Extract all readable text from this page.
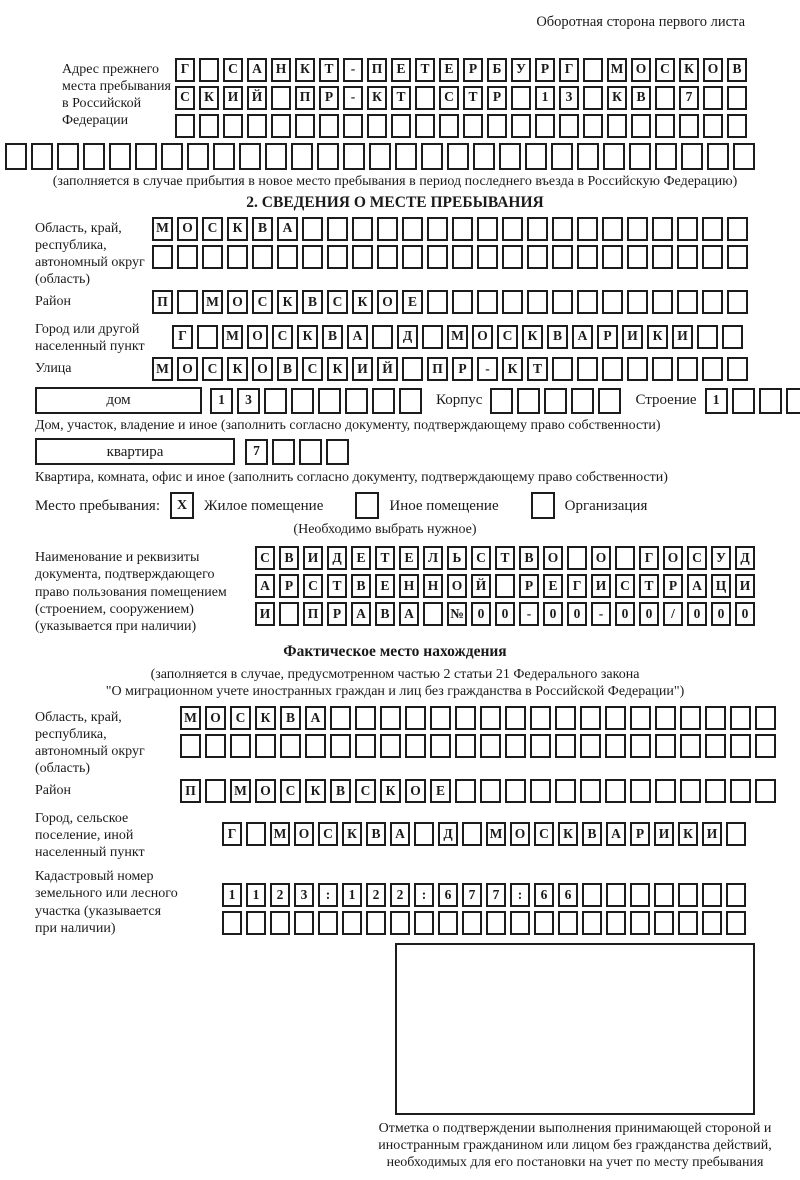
Оборотная сторона первого листа
Адрес прежнего места пребывания в Российской Федерации
Г	С	А	Н	К	Т	-	П	Е	Т	Е	Р	Б	У	Р	Г	М О	С	К	О	В
С	К	И Й	П	Р	-	К	Т	С	Т	Р	1	3	К	В	7
(заполняется в случае прибытия в новое место пребывания в период последнего въезда в Российскую Федерацию)
2. СВЕДЕНИЯ О МЕСТЕ ПРЕБЫВАНИЯ
Область, край, республика, автономный округ (область)
М О	С	К	В	А
Район	П	М О	С	К	В	С	К	О	Е
Город или другой населенный пункт
Г	М О	С	К	В	А	Д	М О	С	К	В	А	Р	И	К	И
Улица	М О	С	К	О	В	С	К	И	Й	П	Р	-	К	Т
дом	1	3	Корпус	Строение	1
Дом, участок, владение и иное (заполнить согласно документу, подтверждающему право собственности)
квартира	7
Квартира, комната, офис и иное (заполнить согласно документу, подтверждающему право собственности)
Место пребывания:	X	Жилое помещение	Иное помещение	Организация
(Необходимо выбрать нужное)
Наименование и реквизиты документа, подтверждающего право пользования помещением (строением, сооружением) (указывается при наличии)
С	В	И	Д	Е	Т	Е	Л	Ь	С	Т	В	О	О	Г	О	С	У	Д
А	Р	С	Т	В	Е	Н Н О Й	Р	Е	Г	И	С	Т	Р	А	Ц И
И	П	Р	А	В	А	№	0	0	-	0	0	-	0	0	/	0	0	0
Фактическое место нахождения
(заполняется в случае, предусмотренном частью 2 статьи 21 Федерального закона
"О миграционном учете иностранных граждан и лиц без гражданства в Российской Федерации")
Область, край, республика, автономный округ (область)
М О	С	К	В	А
Район	П	М О	С	К	В	С	К	О	Е
Город, сельское поселение, иной населенный пункт
Г	М О	С	К	В	А	Д	М О	С	К	В	А	Р	И	К	И
Кадастровый номер земельного или лесного участка (указывается при наличии)
1	1	2	3	:	1	2	2	:	6	7	7	:	6	6
Отметка о подтверждении выполнения принимающей стороной и иностранным гражданином или лицом без гражданства действий, необходимых для его постановки на учет по месту пребывания
